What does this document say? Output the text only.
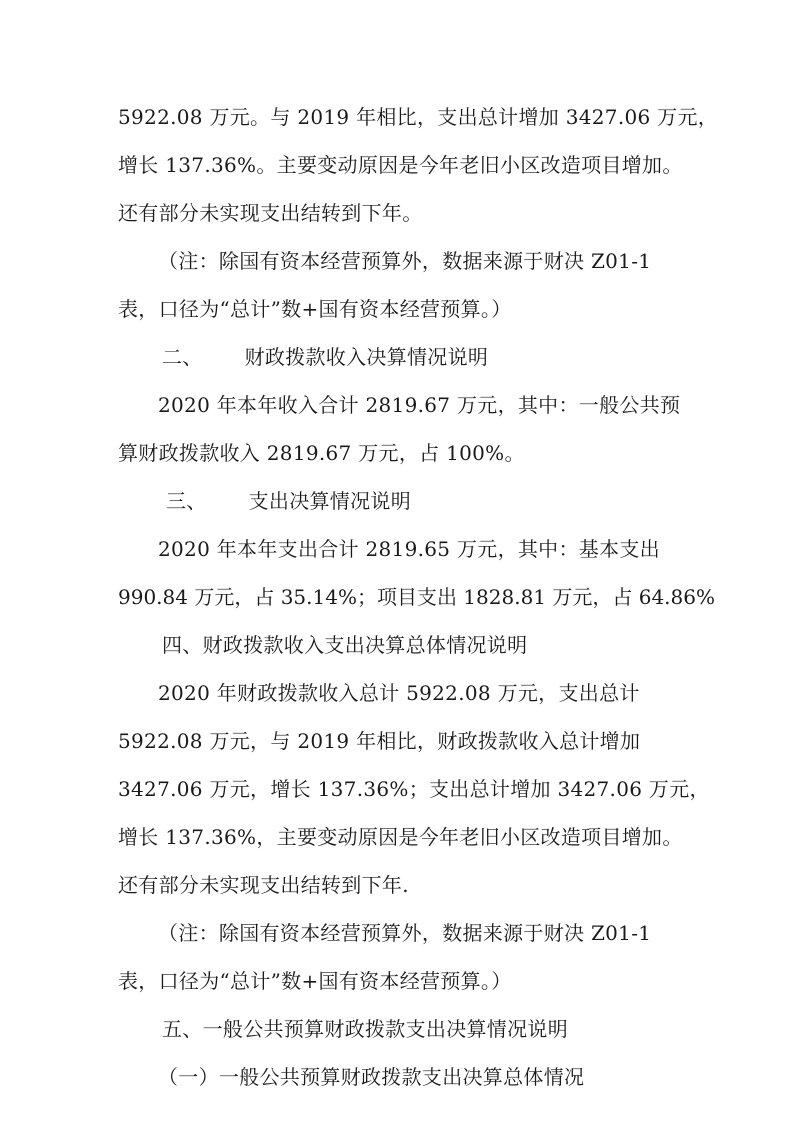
5922.08 万元。与 2019 年相比，支出总计增加 3427.06 万元，
增长 137.36%。主要变动原因是今年老旧小区改造项目增加。
还有部分未实现支出结转到下年。
（注：除国有资本经营预算外，数据来源于财决 Z01-1
表，口径为“总计”数+国有资本经营预算。）
二、 财政拨款收入决算情况说明
2020 年本年收入合计 2819.67 万元，其中：一般公共预
算财政拨款收入 2819.67 万元，占 100%。
三、 支出决算情况说明
2020 年本年支出合计 2819.65 万元，其中：基本支出
990.84 万元，占 35.14%；项目支出 1828.81 万元，占 64.86%
四、财政拨款收入支出决算总体情况说明
2020 年财政拨款收入总计 5922.08 万元，支出总计
5922.08 万元，与 2019 年相比，财政拨款收入总计增加
3427.06 万元，增长 137.36%；支出总计增加 3427.06 万元，
增长 137.36%，主要变动原因是今年老旧小区改造项目增加。
还有部分未实现支出结转到下年.
（注：除国有资本经营预算外，数据来源于财决 Z01-1
表，口径为“总计”数+国有资本经营预算。）
五、一般公共预算财政拨款支出决算情况说明
（一）一般公共预算财政拨款支出决算总体情况
